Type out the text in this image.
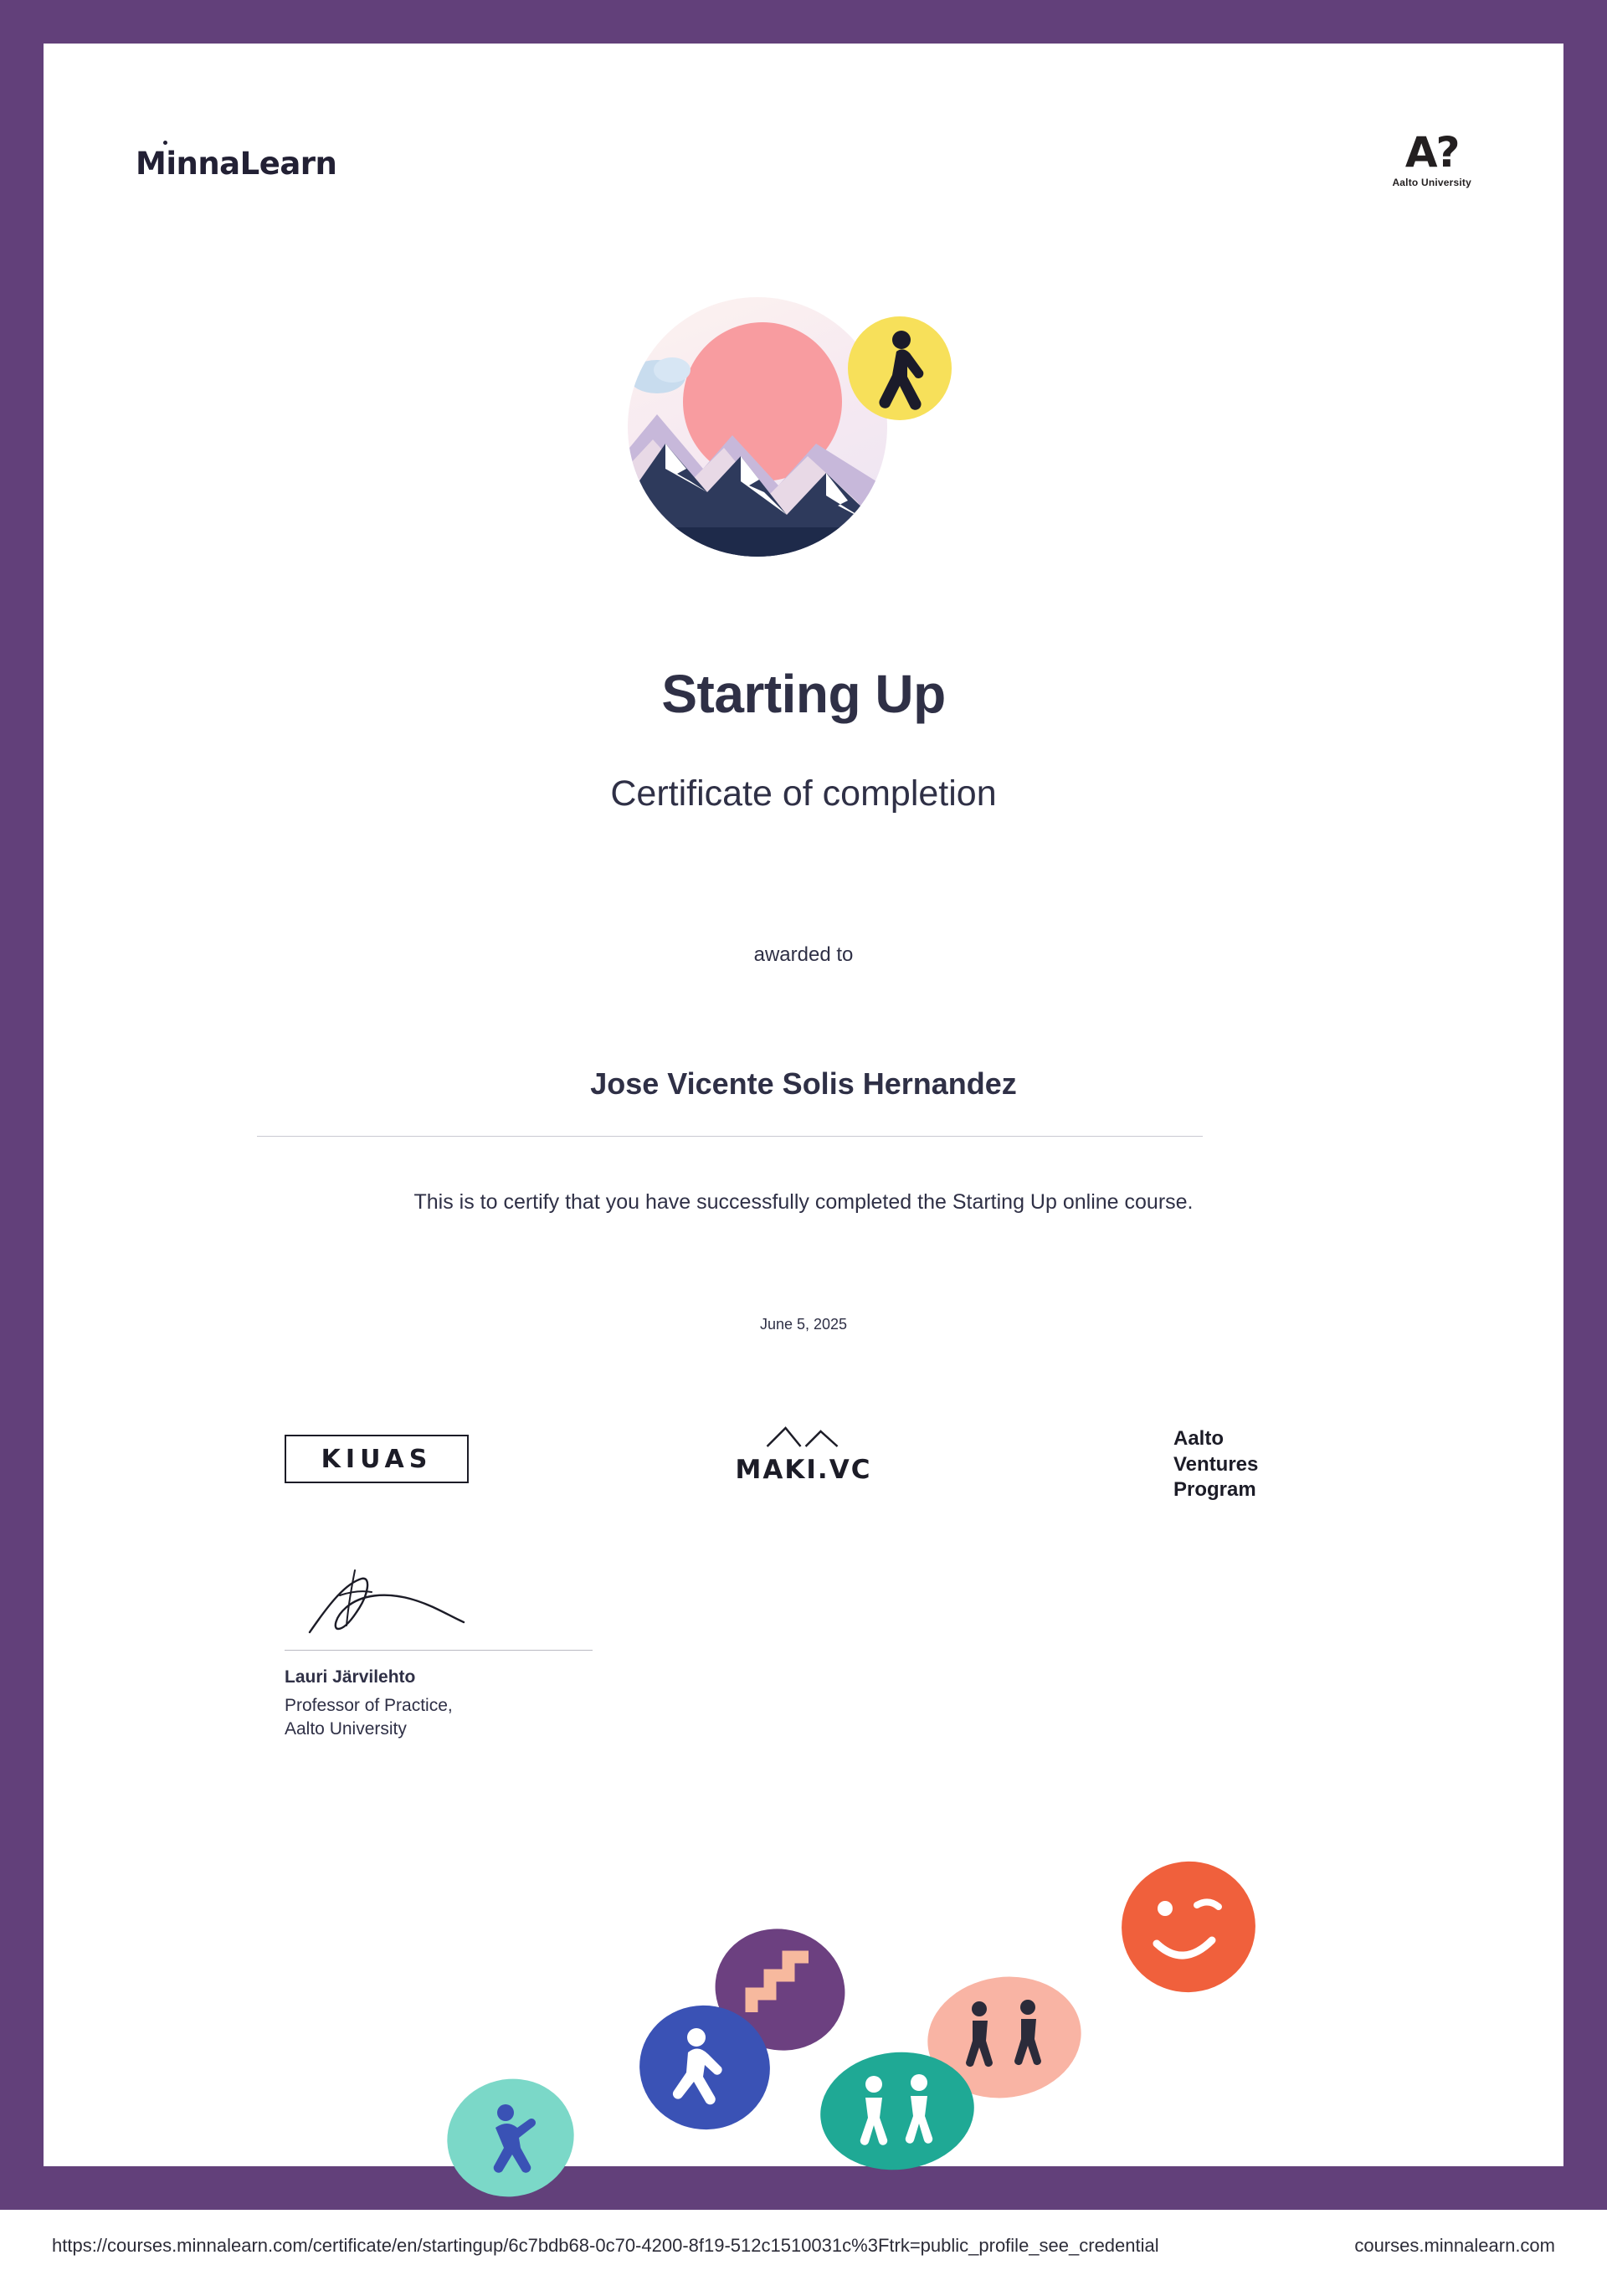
MinnaLearn	A?
Aalto University
Starting Up
Certificate of completion
awarded to
Jose Vicente Solis Hernandez
This is to certify that you have successfully completed the Starting Up online course.
June 5, 2025
KIUAS	MAKI.VC
Aalto
Ventures
Program
Lauri Järvilehto
Professor of Practice,
Aalto University
https://courses.minnalearn.com/certificate/en/startingup/6c7bdb68-0c70-4200-8f19-512c1510031c%3Ftrk=public_profile_see_credential	courses.minnalearn.com
